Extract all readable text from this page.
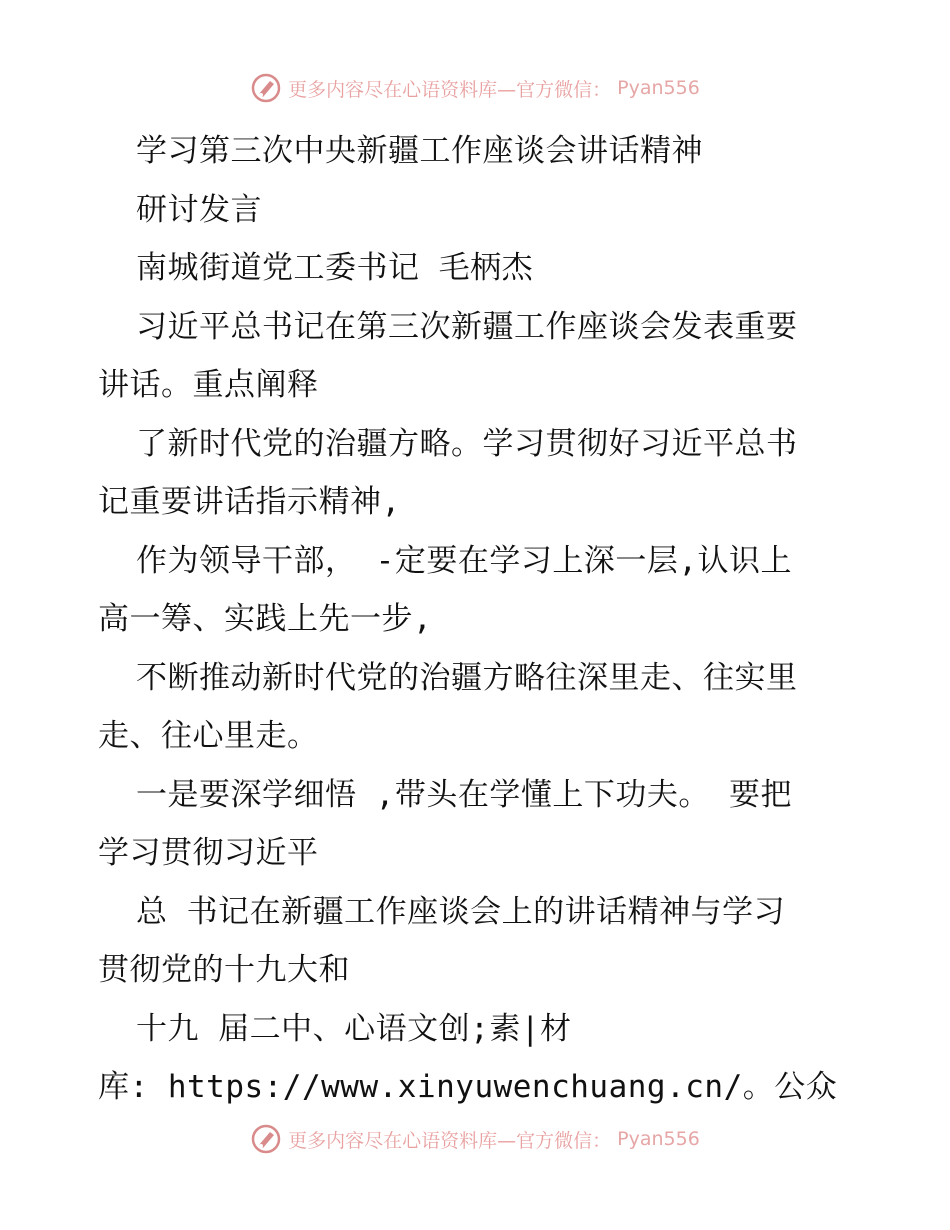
更多内容尽在心语资料库—官方微信： Pyan556
学习第三次中央新疆工作座谈会讲话精神
研讨发言
南城街道党工委书记 毛柄杰
习近平总书记在第三次新疆工作座谈会发表重要
讲话。重点阐释
了新时代党的治疆方略。学习贯彻好习近平总书
记重要讲话指示精神,
作为领导干部， -定要在学习上深一层,认识上
高一筹、实践上先一步,
不断推动新时代党的治疆方略往深里走、往实里
走、往心里走。
一是要深学细悟 ,带头在学懂上下功夫。 要把
学习贯彻习近平
总 书记在新疆工作座谈会上的讲话精神与学习
贯彻党的十九大和
十九 届二中、心语文创;素|材
库: https://www.xinyuwenchuang.cn/。公众
更多内容尽在心语资料库—官方微信： Pyan556
